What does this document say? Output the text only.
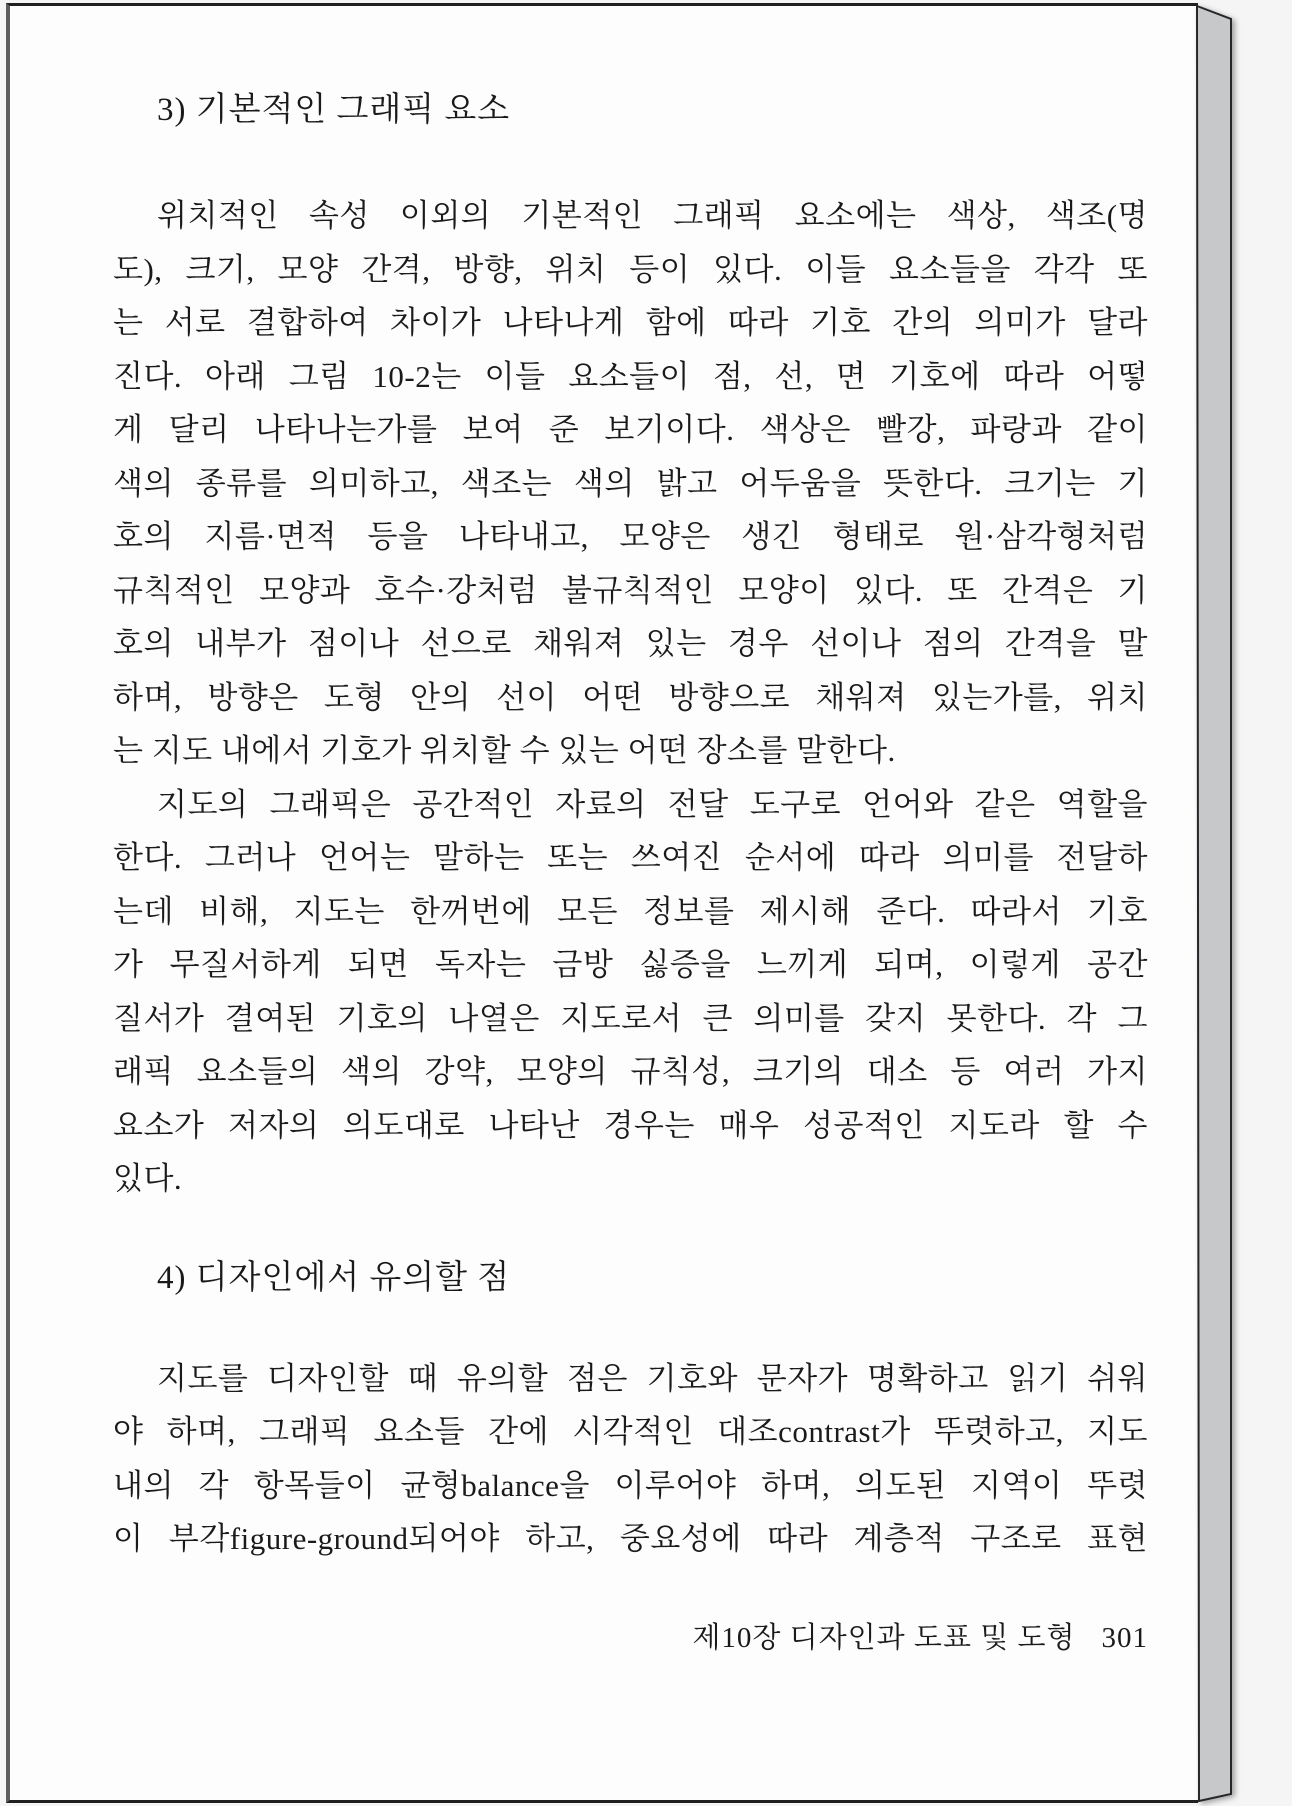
3) 기본적인 그래픽 요소
위치적인 속성 이외의 기본적인 그래픽 요소에는 색상, 색조(명
도), 크기, 모양 간격, 방향, 위치 등이 있다. 이들 요소들을 각각 또
는 서로 결합하여 차이가 나타나게 함에 따라 기호 간의 의미가 달라
진다. 아래 그림 10-2는 이들 요소들이 점, 선, 면 기호에 따라 어떻
게 달리 나타나는가를 보여 준 보기이다. 색상은 빨강, 파랑과 같이
색의 종류를 의미하고, 색조는 색의 밝고 어두움을 뜻한다. 크기는 기
호의 지름·면적 등을 나타내고, 모양은 생긴 형태로 원·삼각형처럼
규칙적인 모양과 호수·강처럼 불규칙적인 모양이 있다. 또 간격은 기
호의 내부가 점이나 선으로 채워져 있는 경우 선이나 점의 간격을 말
하며, 방향은 도형 안의 선이 어떤 방향으로 채워져 있는가를, 위치
는 지도 내에서 기호가 위치할 수 있는 어떤 장소를 말한다.
지도의 그래픽은 공간적인 자료의 전달 도구로 언어와 같은 역할을
한다. 그러나 언어는 말하는 또는 쓰여진 순서에 따라 의미를 전달하
는데 비해, 지도는 한꺼번에 모든 정보를 제시해 준다. 따라서 기호
가 무질서하게 되면 독자는 금방 싫증을 느끼게 되며, 이렇게 공간
질서가 결여된 기호의 나열은 지도로서 큰 의미를 갖지 못한다. 각 그
래픽 요소들의 색의 강약, 모양의 규칙성, 크기의 대소 등 여러 가지
요소가 저자의 의도대로 나타난 경우는 매우 성공적인 지도라 할 수
있다.
4) 디자인에서 유의할 점
지도를 디자인할 때 유의할 점은 기호와 문자가 명확하고 읽기 쉬워
야 하며, 그래픽 요소들 간에 시각적인 대조contrast가 뚜렷하고, 지도
내의 각 항목들이 균형balance을 이루어야 하며, 의도된 지역이 뚜렷
이 부각figure-ground되어야 하고, 중요성에 따라 계층적 구조로 표현
제10장 디자인과 도표 및 도형 301
